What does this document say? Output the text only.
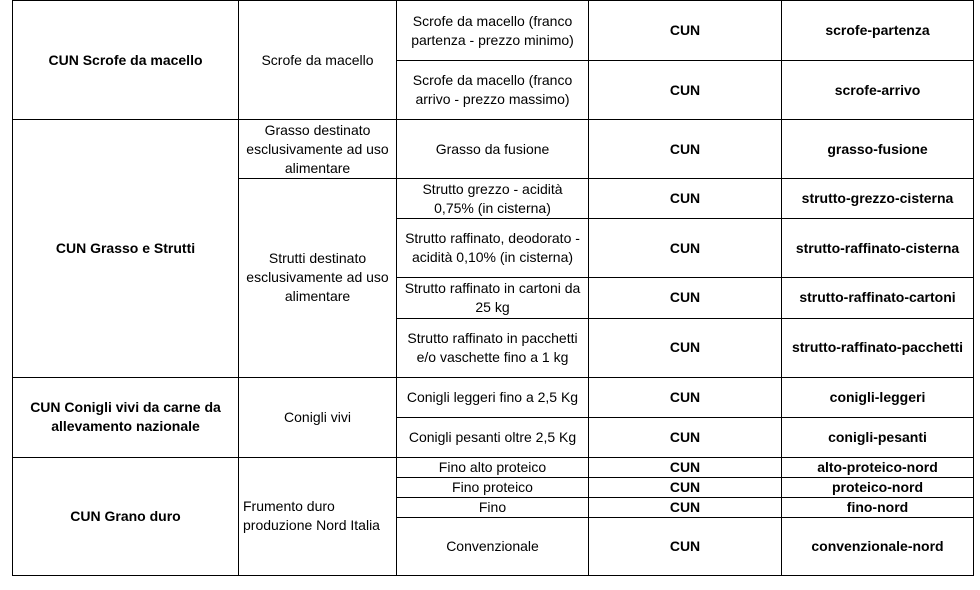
CUN Scrofe da macello	Scrofe da macello	Scrofe da macello (franco partenza - prezzo minimo)	CUN	scrofe-partenza
		Scrofe da macello (franco arrivo - prezzo massimo)	CUN	scrofe-arrivo
CUN Grasso e Strutti	Grasso destinato esclusivamente ad uso alimentare	Grasso da fusione	CUN	grasso-fusione
	Strutti destinato esclusivamente ad uso alimentare	Strutto grezzo - acidità 0,75% (in cisterna)	CUN	strutto-grezzo-cisterna
		Strutto raffinato, deodorato - acidità 0,10% (in cisterna)	CUN	strutto-raffinato-cisterna
		Strutto raffinato in cartoni da 25 kg	CUN	strutto-raffinato-cartoni
		Strutto raffinato in pacchetti e/o vaschette fino a 1 kg	CUN	strutto-raffinato-pacchetti
CUN Conigli vivi da carne da allevamento nazionale	Conigli vivi	Conigli leggeri fino a 2,5 Kg	CUN	conigli-leggeri
		Conigli pesanti oltre 2,5 Kg	CUN	conigli-pesanti
CUN Grano duro	Frumento duro produzione Nord Italia	Fino alto proteico	CUN	alto-proteico-nord
		Fino proteico	CUN	proteico-nord
		Fino	CUN	fino-nord
		Convenzionale	CUN	convenzionale-nord
